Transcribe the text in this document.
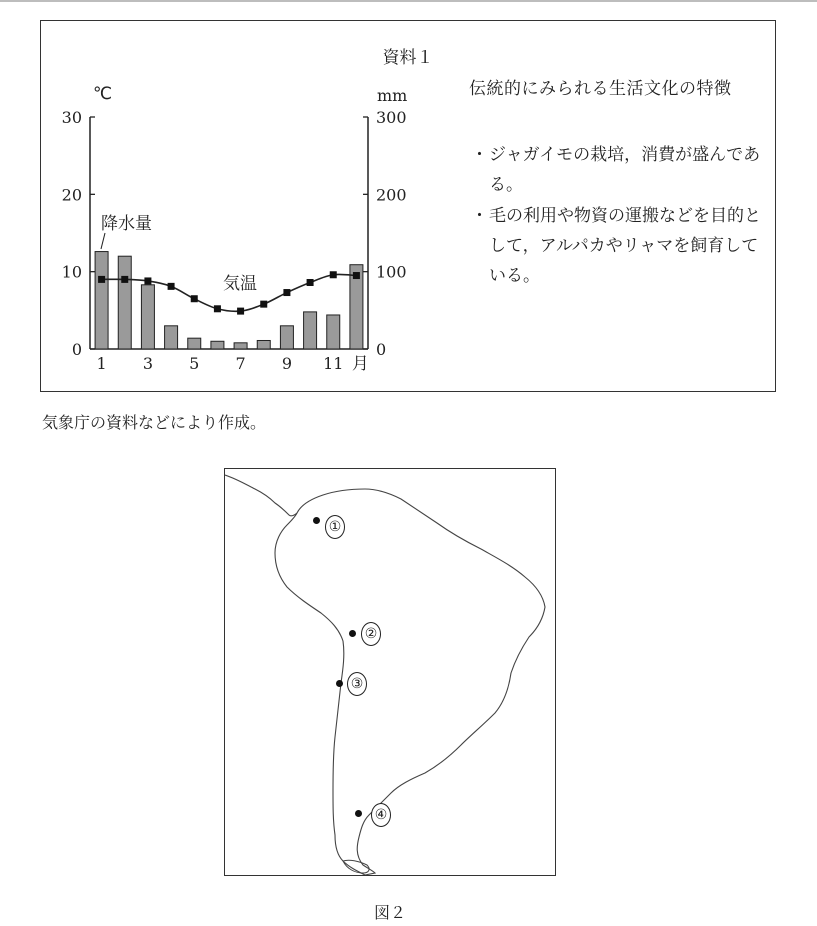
資料１
℃	mm
30
20
10
0
300
200
100
0
1 3 5 7 9 11 月
降水量
気温
伝統的にみられる生活文化の特徴
・ ジャガイモの栽培，消費が盛んである。
・ 毛の利用や物資の運搬などを目的として，アルパカやリャマを飼育している。
気象庁の資料などにより作成。
①
②
③
④
図２
